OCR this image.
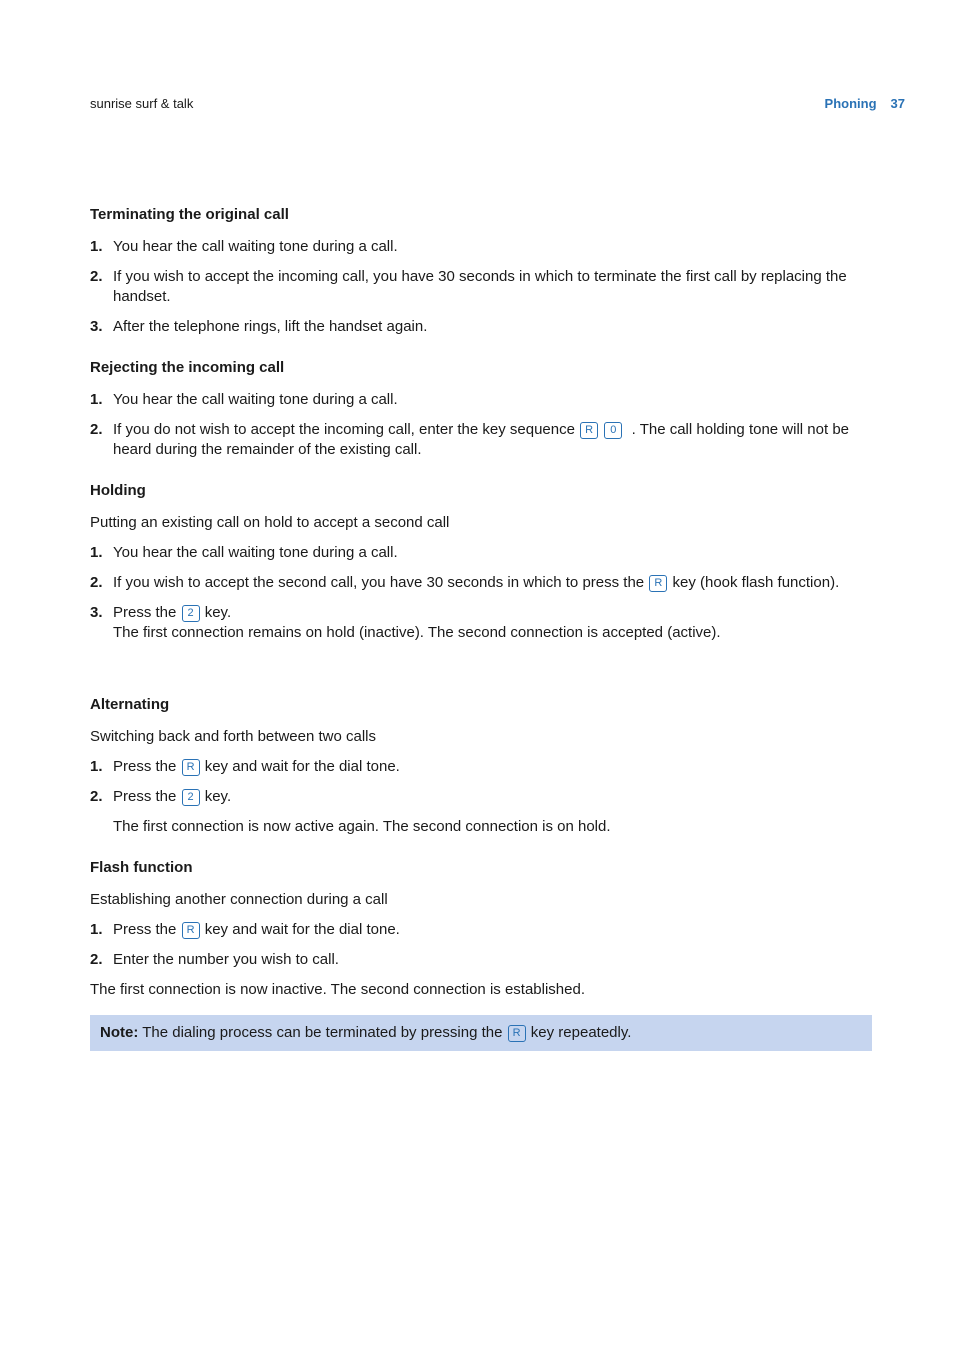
sunrise surf & talk	Phoning 37
Terminating the original call
1. You hear the call waiting tone during a call.
2. If you wish to accept the incoming call, you have 30 seconds in which to terminate the first call by replacing the handset.
3. After the telephone rings, lift the handset again.
Rejecting the incoming call
1. You hear the call waiting tone during a call.
2. If you do not wish to accept the incoming call, enter the key sequence R 0 . The call holding tone will not be heard during the remainder of the existing call.
Holding
Putting an existing call on hold to accept a second call
1. You hear the call waiting tone during a call.
2. If you wish to accept the second call, you have 30 seconds in which to press the R key (hook flash function).
3. Press the 2 key.
The first connection remains on hold (inactive). The second connection is accepted (active).
Alternating
Switching back and forth between two calls
1. Press the R key and wait for the dial tone.
2. Press the 2 key.
The first connection is now active again. The second connection is on hold.
Flash function
Establishing another connection during a call
1. Press the R key and wait for the dial tone.
2. Enter the number you wish to call.
The first connection is now inactive. The second connection is established.
Note: The dialing process can be terminated by pressing the R key repeatedly.
